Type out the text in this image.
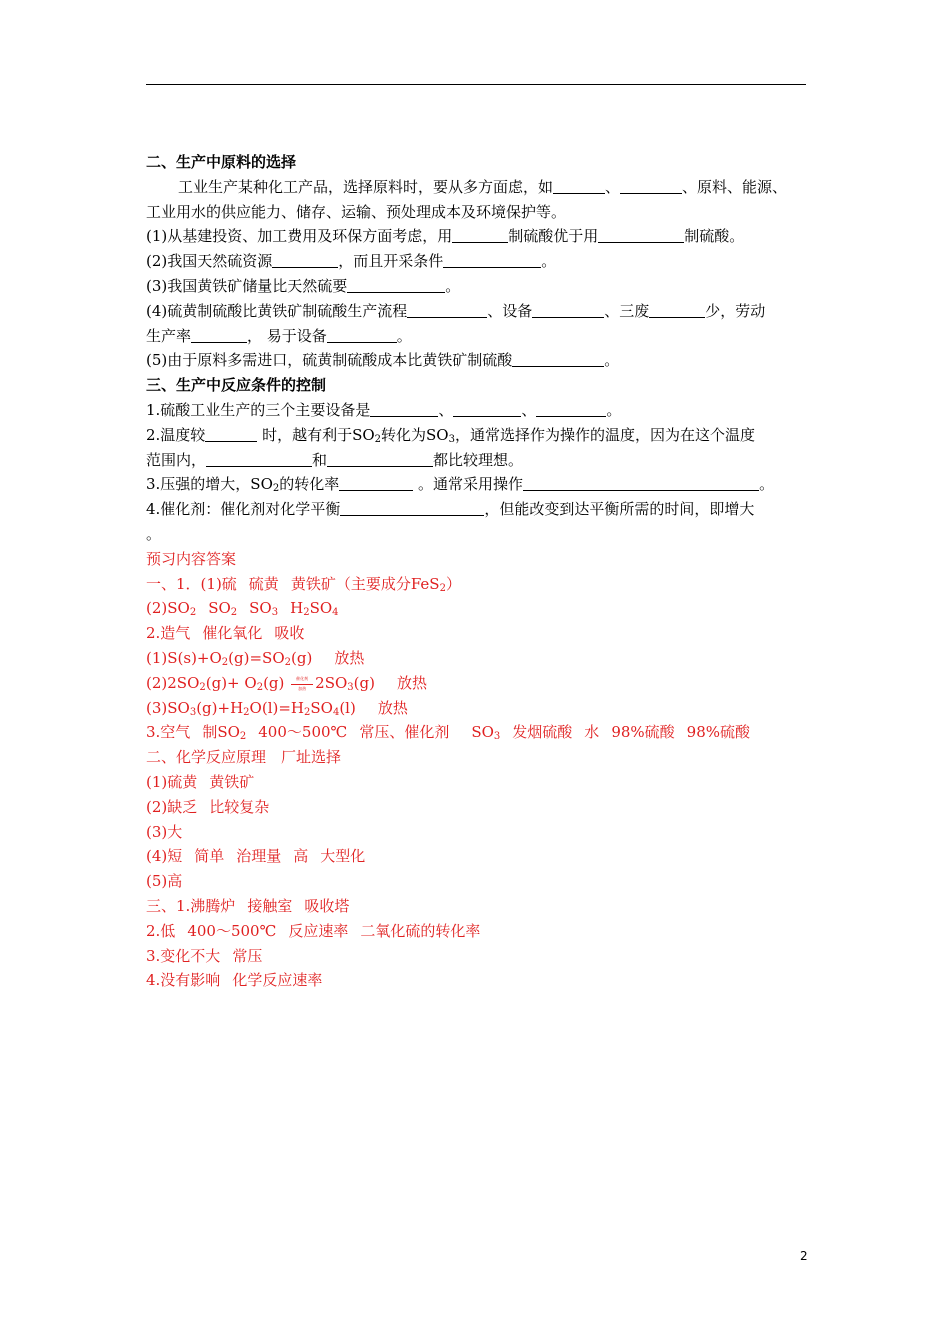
二、生产中原料的选择
工业生产某种化工产品，选择原料时，要从多方面虑，如	、	、原料、能源、
工业用水的供应能力、储存、运输、预处理成本及环境保护等。
(1)从基建投资、加工费用及环保方面考虑，用	制硫酸优于用	制硫酸。
(2)我国天然硫资源	，而且开采条件	。
(3)我国黄铁矿储量比天然硫要	。
(4)硫黄制硫酸比黄铁矿制硫酸生产流程	、设备	、三废	少，劳动
生产率	， 易于设备	。
(5)由于原料多需进口，硫黄制硫酸成本比黄铁矿制硫酸	。
三、生产中反应条件的控制
1.硫酸工业生产的三个主要设备是	、	、	。
2.温度较	时，越有利于$SO_2$转化为$SO_3$，通常选择作为操作的温度，因为在这个温度
范围内，	和	都比较理想。
3.压强的增大，$SO_2$的转化率	。通常采用操作	。
4.催化剂：催化剂对化学平衡	，但能改变到达平衡所需的时间，即增大
。
预习内容答案
一、1．(1)硫 硫黄 黄铁矿（主要成分FeS$_2$）
$(2)SO_2$ $SO_2$ $SO_3$ $H_2SO_4$
2.造气 催化氧化 吸收
$(1)S(s)+O_2(g)=SO_2(g)$ 放热
$(2)2SO_2(g)+ O_2(g)$	催化剂
加热 $2SO_3(g)$ 放热
$(3)SO_3(g)+H_2O(l)=H_2SO_4(l)$ 放热
3.空气 制$SO_2$ 400～500℃ 常压、催化剂 $SO_3$ 发烟硫酸 水 98%硫酸 98%硫酸
二、化学反应原理　厂址选择
(1)硫黄 黄铁矿
(2)缺乏 比较复杂
(3)大
(4)短 简单 治理量 高 大型化
(5)高
三、1.沸腾炉 接触室 吸收塔
2.低 400～500℃ 反应速率 二氧化硫的转化率
3.变化不大 常压
4.没有影响 化学反应速率
2
